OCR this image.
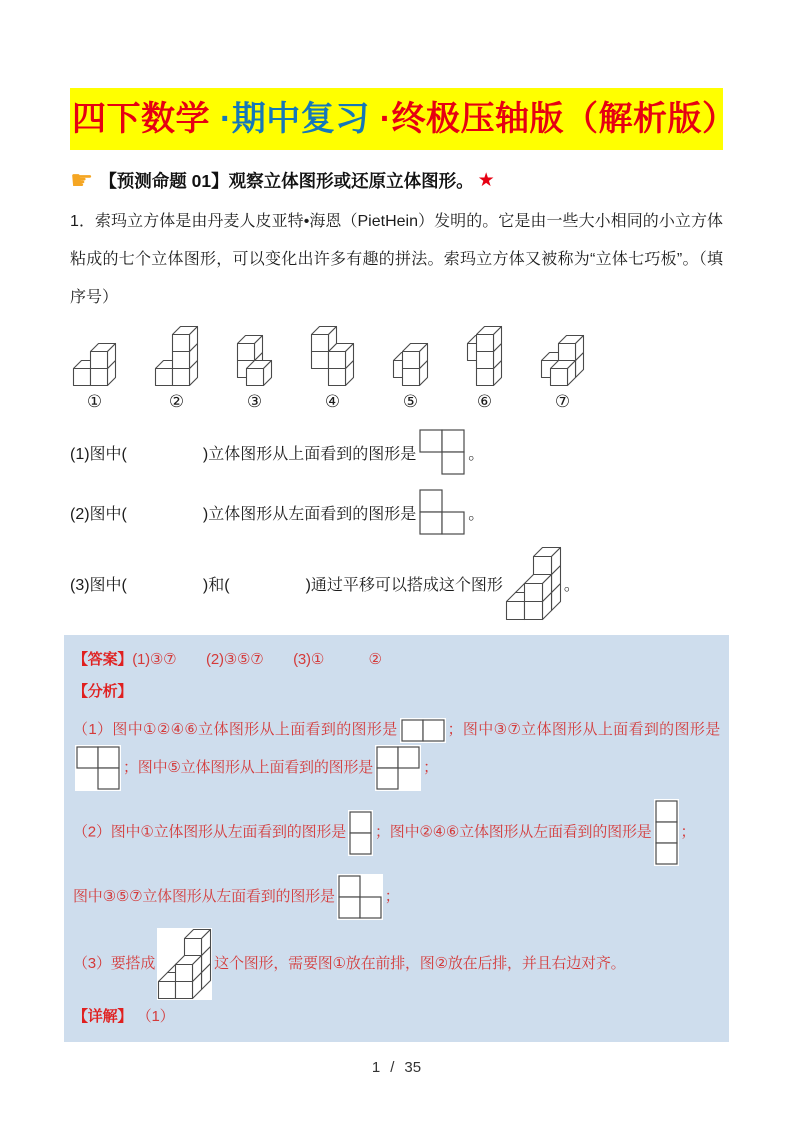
四下数学 ·期中复习 ·终极压轴版（解析版）
☛ 【预测命题 01】观察立体图形或还原立体图形。 ★

1．索玛立方体是由丹麦人皮亚特•海恩（PietHein）发明的。它是由一些大小相同的小立方体粘成的七个立体图形，可以变化出许多有趣的拼法。索玛立方体又被称为“立体七巧板”。（填序号）

①	②	③	④	⑤	⑥	⑦
(1)图中(	)立体图形从上面看到的图形是	。
(2)图中(	)立体图形从左面看到的图形是	。
(3)图中(	)和(	)通过平移可以搭成这个图形	。
【答案】(1)③⑦　　(2)③⑤⑦　　(3)①　　　②
【分析】
（1）图中①②④⑥立体图形从上面看到的图形是	；图中③⑦立体图形从上面看到的图形是
；图中⑤立体图形从上面看到的图形是	；
（2）图中①立体图形从左面看到的图形是 ；图中②④⑥立体图形从左面看到的图形是 ；
图中③⑤⑦立体图形从左面看到的图形是	；
（3）要搭成	这个图形，需要图①放在前排，图②放在后排，并且右边对齐。
【详解】 （1）
1 / 35
